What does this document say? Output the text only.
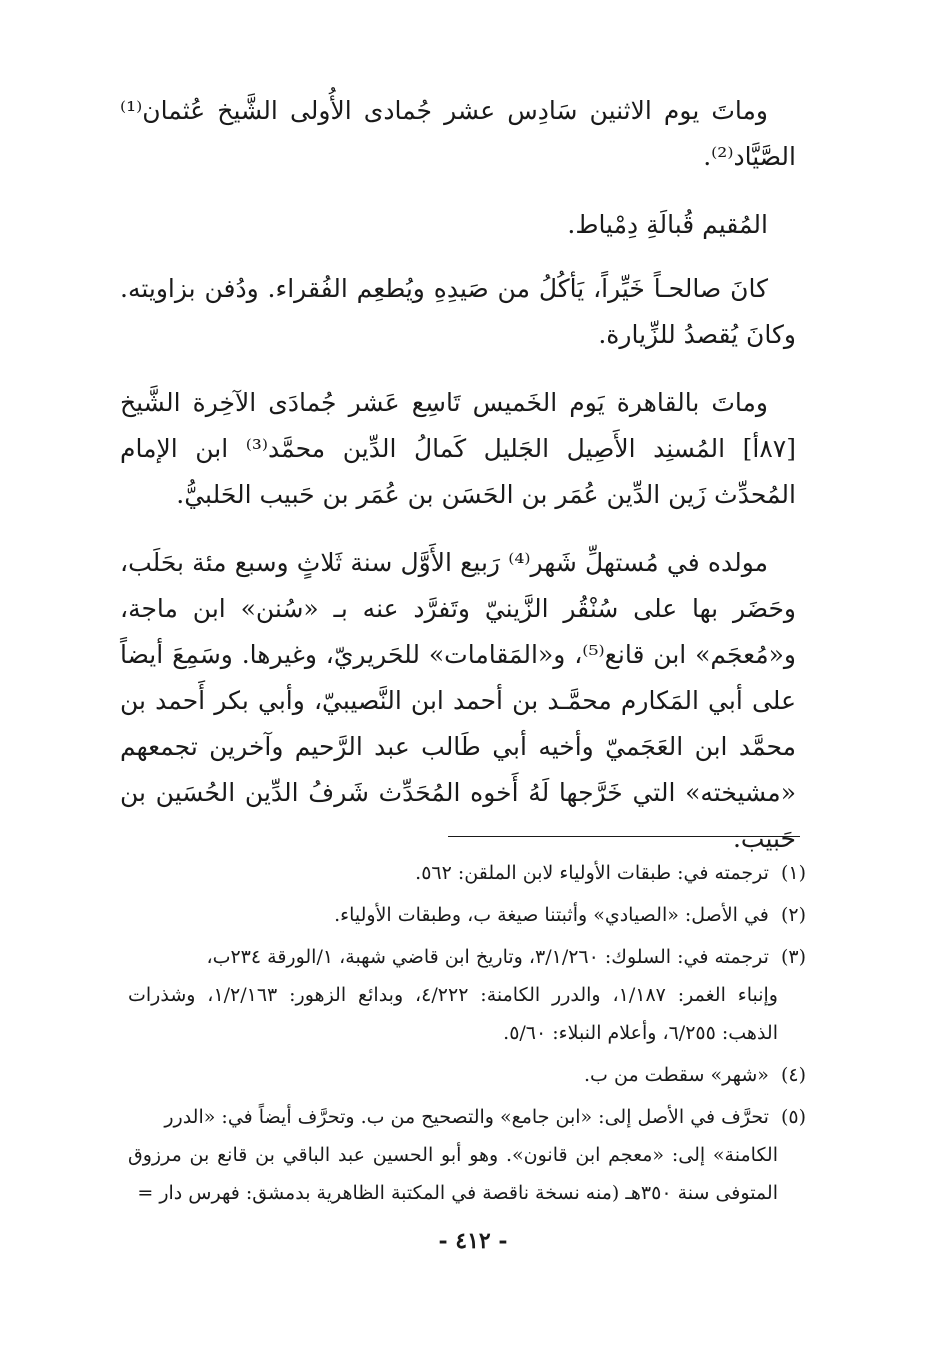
وماتَ يوم الاثنين سَادِس عشر جُمادى الأُولى الشَّيخ عُثمان⁽¹⁾ الصَّيَّاد⁽²⁾.

المُقيم قُبالَةِ دِمْياط.

كانَ صالحـاً خَيِّراً، يَأكُلُ من صَيدِهِ ويُطعِم الفُقراء. ودُفن بزاويته. وكانَ يُقصدُ للزِّيارة.

وماتَ بالقاهرة يَوم الخَميس تَاسِع عَشر جُمادَى الآخِرة الشَّيخ [٨٧أ] المُسنِد الأَصِيل الجَليل كَمالُ الدِّين محمَّد⁽³⁾ ابن الإمام المُحدِّث زَين الدِّين عُمَر بن الحَسَن بن عُمَر بن حَبيب الحَلبيُّ.

مولده في مُستهلِّ شَهر⁽⁴⁾ رَبيع الأَوَّل سنة ثَلاثٍ وسبع مئة بحَلَب، وحَضَر بها على سُنْقُر الزَّينيّ وتَفرَّد عنه بـ «سُنن» ابن ماجة، و«مُعجَم» ابن قانع⁽⁵⁾، و«المَقامات» للحَريريّ، وغيرها. وسَمِعَ أيضاً على أبي المَكارم محمَّـد بن أحمد ابن النَّصيبيّ، وأبي بكر أَحمد بن محمَّد ابن العَجَميّ وأخيه أبي طَالب عبد الرَّحيم وآخرين تجمعهم «مشيخته» التي خَرَّجها لَهُ أَخوه المُحَدِّث شَرفُ الدِّين الحُسَين بن حَبيب.

(١) ترجمته في: طبقات الأولياء لابن الملقن: ٥٦٢.

(٢) في الأصل: «الصيادي» وأثبتنا صيغة ب، وطبقات الأولياء.

(٣) ترجمته في: السلوك: ٣/١/٢٦٠، وتاريخ ابن قاضي شهبة، ١/الورقة ٢٣٤ب،
وإنباء الغمر: ١/١٨٧، والدرر الكامنة: ٤/٢٢٢، وبدائع الزهور: ١/٢/١٦٣، وشذرات الذهب: ٦/٢٥٥، وأعلام النبلاء: ٥/٦٠.

(٤) «شهر» سقطت من ب.

(٥) تحرَّف في الأصل إلى: «ابن جامع» والتصحيح من ب. وتحرَّف أيضاً في: «الدرر
الكامنة» إلى: «معجم ابن قانون». وهو أبو الحسين عبد الباقي بن قانع بن مرزوق المتوفى سنة ٣٥٠هـ (منه نسخة ناقصة في المكتبة الظاهرية بدمشق: فهرس دار =

- ٤١٢ -
